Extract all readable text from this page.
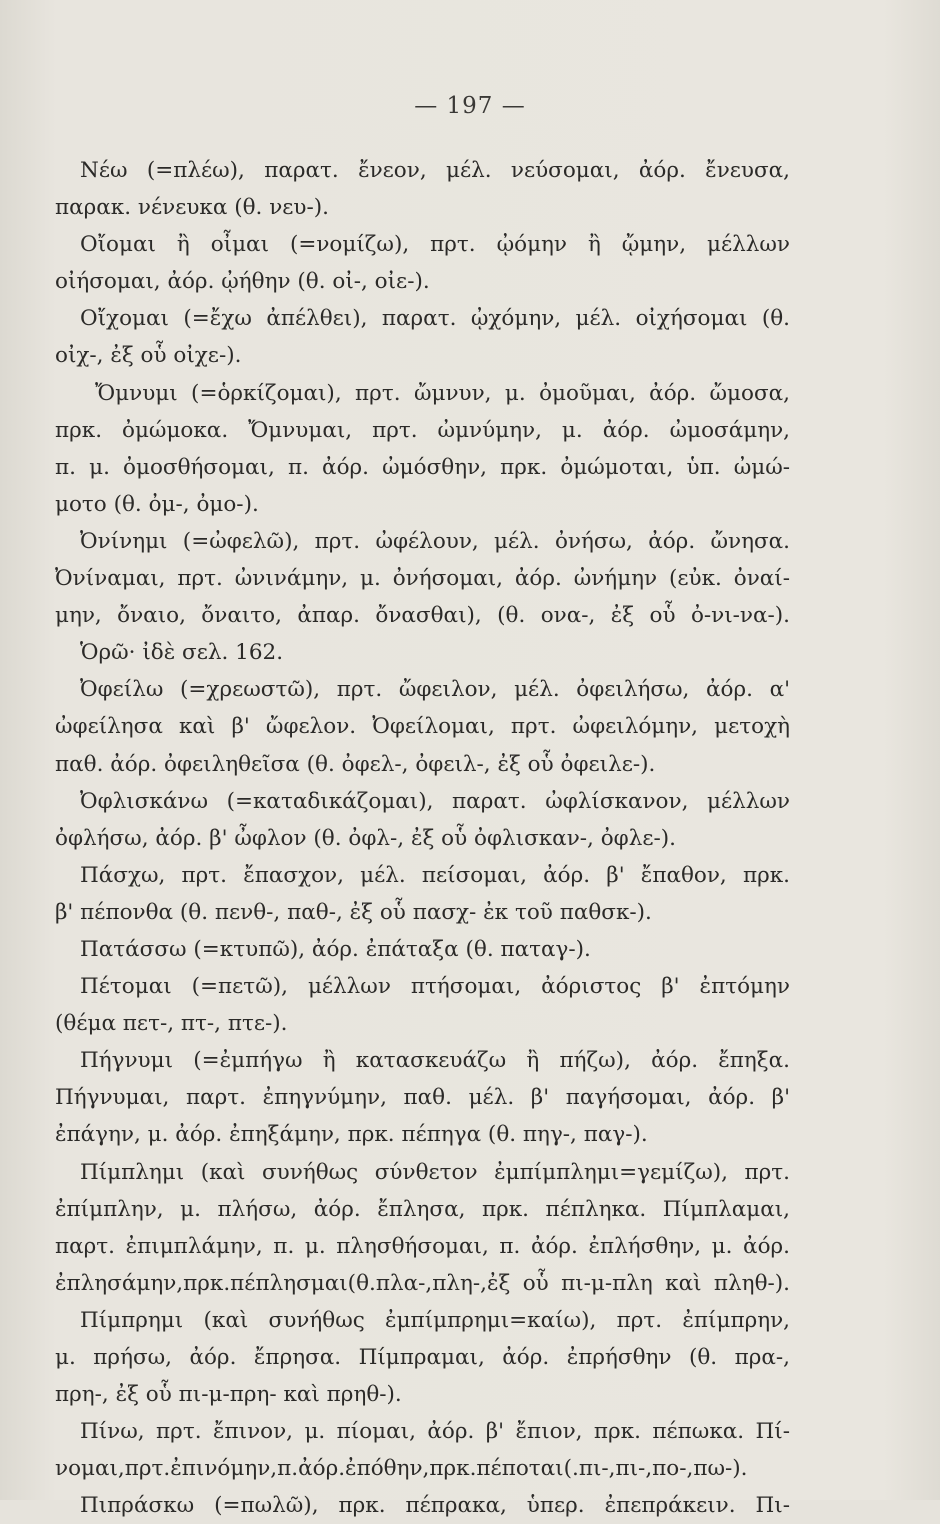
— 197 —
Νέω (=πλέω), παρατ. ἔνεον, μέλ. νεύσομαι, ἀόρ. ἔνευσα,
παρακ. νένευκα (θ. νευ-).
Οἴομαι ἢ οἶμαι (=νομίζω), πρτ. ᾠόμην ἢ ᾤμην, μέλλων
οἰήσομαι, ἀόρ. ᾠήθην (θ. οἰ-, οἰε-).
Οἴχομαι (=ἔχω ἀπέλθει), παρατ. ᾠχόμην, μέλ. οἰχήσομαι (θ.
οἰχ-, ἐξ οὗ οἰχε-).
Ὄμνυμι (=ὁρκίζομαι), πρτ. ὤμνυν, μ. ὀμοῦμαι, ἀόρ. ὤμοσα,
πρκ. ὀμώμοκα. Ὄμνυμαι, πρτ. ὠμνύμην, μ. ἀόρ. ὠμοσάμην,
π. μ. ὀμοσθήσομαι, π. ἀόρ. ὠμόσθην, πρκ. ὀμώμοται, ὑπ. ὠμώ-
μοτο (θ. ὀμ-, ὀμο-).
Ὀνίνημι (=ὠφελῶ), πρτ. ὠφέλουν, μέλ. ὀνήσω, ἀόρ. ὤνησα.
Ὀνίναμαι, πρτ. ὠνινάμην, μ. ὀνήσομαι, ἀόρ. ὠνήμην (εὐκ. ὀναί-
μην, ὄναιο, ὄναιτο, ἀπαρ. ὄνασθαι), (θ. ονα-, ἐξ οὗ ὀ-νι-να-).
Ὁρῶ· ἰδὲ σελ. 162.
Ὀφείλω (=χρεωστῶ), πρτ. ὤφειλον, μέλ. ὀφειλήσω, ἀόρ. α'
ὠφείλησα καὶ β' ὤφελον. Ὀφείλομαι, πρτ. ὠφειλόμην, μετοχὴ
παθ. ἀόρ. ὀφειληθεῖσα (θ. ὀφελ-, ὀφειλ-, ἐξ οὗ ὀφειλε-).
Ὀφλισκάνω (=καταδικάζομαι), παρατ. ὠφλίσκανον, μέλλων
ὀφλήσω, ἀόρ. β' ὦφλον (θ. ὀφλ-, ἐξ οὗ ὀφλισκαν-, ὀφλε-).
Πάσχω, πρτ. ἔπασχον, μέλ. πείσομαι, ἀόρ. β' ἔπαθον, πρκ.
β' πέπονθα (θ. πενθ-, παθ-, ἐξ οὗ πασχ- ἐκ τοῦ παθσκ-).
Πατάσσω (=κτυπῶ), ἀόρ. ἐπάταξα (θ. παταγ-).
Πέτομαι (=πετῶ), μέλλων πτήσομαι, ἀόριστος β' ἐπτόμην
(θέμα πετ-, πτ-, πτε-).
Πήγνυμι (=ἐμπήγω ἢ κατασκευάζω ἢ πήζω), ἀόρ. ἔπηξα.
Πήγνυμαι, παρτ. ἐπηγνύμην, παθ. μέλ. β' παγήσομαι, ἀόρ. β'
ἐπάγην, μ. ἀόρ. ἐπηξάμην, πρκ. πέπηγα (θ. πηγ-, παγ-).
Πίμπλημι (καὶ συνήθως σύνθετον ἐμπίμπλημι=γεμίζω), πρτ.
ἐπίμπλην, μ. πλήσω, ἀόρ. ἔπλησα, πρκ. πέπληκα. Πίμπλαμαι,
παρτ. ἐπιμπλάμην, π. μ. πλησθήσομαι, π. ἀόρ. ἐπλήσθην, μ. ἀόρ.
ἐπλησάμην,πρκ.πέπλησμαι(θ.πλα-,πλη-,ἐξ οὗ πι-μ-πλη καὶ πληθ-).
Πίμπρημι (καὶ συνήθως ἐμπίμπρημι=καίω), πρτ. ἐπίμπρην,
μ. πρήσω, ἀόρ. ἔπρησα. Πίμπραμαι, ἀόρ. ἐπρήσθην (θ. πρα-,
πρη-, ἐξ οὗ πι-μ-πρη- καὶ πρηθ-).
Πίνω, πρτ. ἔπινον, μ. πίομαι, ἀόρ. β' ἔπιον, πρκ. πέπωκα. Πί-
νομαι,πρτ.ἐπινόμην,π.ἀόρ.ἐπόθην,πρκ.πέποται(.πι-,πι-,πο-,πω-).
Πιπράσκω (=πωλῶ), πρκ. πέπρακα, ὑπερ. ἐπεπράκειν. Πι-
